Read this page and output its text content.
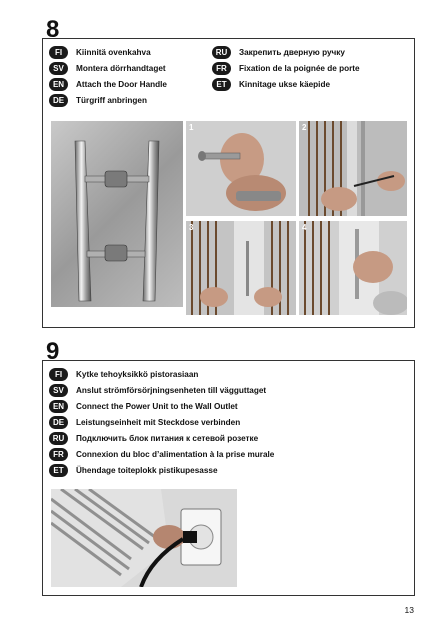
8
FI	Kiinnitä ovenkahva
SV	Montera dörrhandtaget
EN	Attach the Door Handle
DE	Türgriff anbringen
RU	Закрепить дверную ручку
FR	Fixation de la poignée de porte
ET	Kinnitage ukse käepide
1	2
3	4
9
FI	Kytke tehoyksikkö pistorasiaan
SV	Anslut strömförsörjningsenheten till vägguttaget
EN	Connect the Power Unit to the Wall Outlet
DE	Leistungseinheit mit Steckdose verbinden
RU	Подключить блок питания к сетевой розетке
FR	Connexion du bloc d’alimentation à la prise murale
ET	Ühendage toiteplokk pistikupesasse
13
